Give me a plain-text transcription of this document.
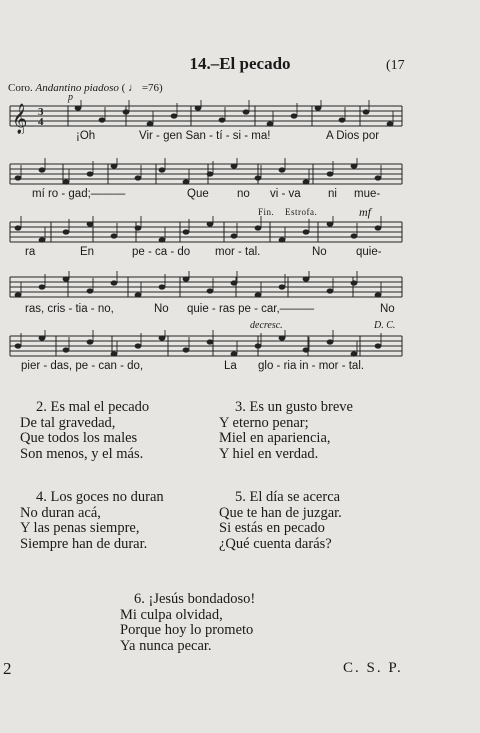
14.–El pecado	(17
Coro. Andantino piadoso ( ♩ =76)
p
𝄞 3
4
¡Oh	Vir - gen San - tí - si - ma!	A Dios por
mí ro - gad;———	Que no vi - va ni mue-
Fin. Estrofa.	mf
ra	En	pe - ca - do mor - tal.	No	quie-
ras, cris - tia - no,	No quie - ras pe - car,———	No
decresc.	D. C.
pier - das, pe - can - do,	La glo - ria in - mor - tal.
2. Es mal el pecado
De tal gravedad,
Que todos los males
Son menos, y el más.
3. Es un gusto breve
Y eterno penar;
Miel en apariencia,
Y hiel en verdad.
4. Los goces no duran
No duran acá,
Y las penas siempre,
Siempre han de durar.
5. El día se acerca
Que te han de juzgar.
Si estás en pecado
¿Qué cuenta darás?
6. ¡Jesús bondadoso!
Mi culpa olvidad,
Porque hoy lo prometo
Ya nunca pecar.
2	C. S. P.
